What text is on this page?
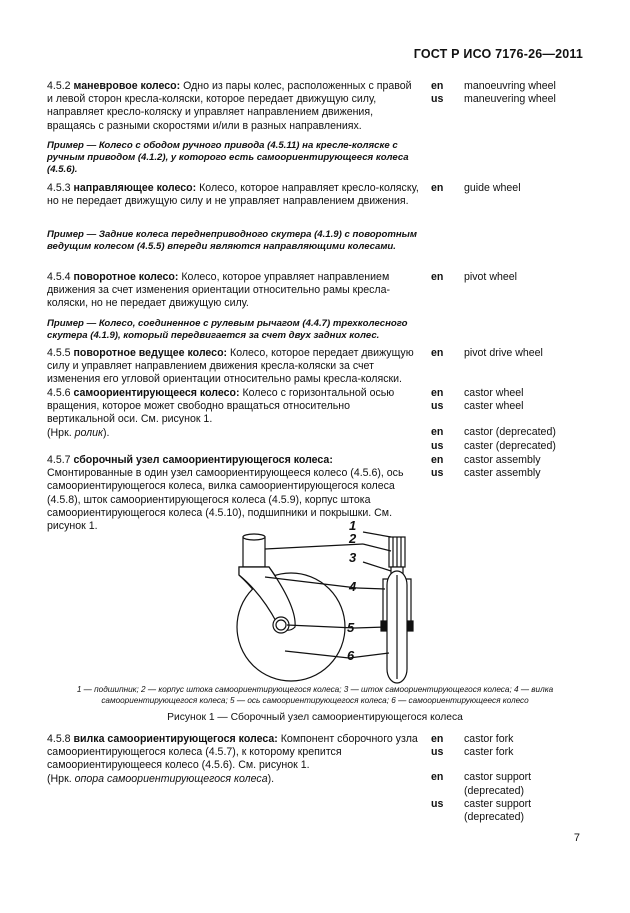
ГОСТ Р ИСО 7176-26—2011
4.5.2 маневровое колесо: Одно из пары колес, расположенных с правой и левой сторон кресла-коляски, которое передает движущую силу, направляет кресло-коляску и управляет направлением движения, вращаясь с разными скоростями и/или в разных направлениях.
Пример — Колесо с ободом ручного привода (4.5.11) на кресле-коляске с ручным приводом (4.1.2), у которого есть самоориентирующееся колеса (4.5.6).
en manoeuvring wheel
us maneuvering wheel
4.5.3 направляющее колесо: Колесо, которое направляет кресло-коляску, но не передает движущую силу и не управляет направлением движения.
Пример — Задние колеса переднеприводного скутера (4.1.9) с поворотным ведущим колесом (4.5.5) впереди являются направляющими колесами.
en guide wheel
4.5.4 поворотное колесо: Колесо, которое управляет направлением движения за счет изменения ориентации относительно рамы кресла-коляски, но не передает движущую силу.
Пример — Колесо, соединенное с рулевым рычагом (4.4.7) трехколесного скутера (4.1.9), который передвигается за счет двух задних колес.
en pivot wheel
4.5.5 поворотное ведущее колесо: Колесо, которое передает движущую силу и управляет направлением движения кресла-коляски за счет изменения его угловой ориентации относительно рамы кресла-коляски.
en pivot drive wheel
4.5.6 самоориентирующееся колесо: Колесо с горизонтальной осью вращения, которое может свободно вращаться относительно вертикальной оси. См. рисунок 1.
(Нрк. ролик).
en castor wheel
us caster wheel
en castor (deprecated)
us caster (deprecated)
4.5.7 сборочный узел самоориентирующегося колеса: Смонтированные в один узел самоориентирующееся колесо (4.5.6), ось самоориентирующегося колеса, вилка самоориентирующегося колеса (4.5.8), шток самоориентирующегося колеса (4.5.9), корпус штока самоориентирующегося колеса (4.5.10), подшипники и покрышки. См. рисунок 1.
en castor assembly
us caster assembly
1
2
3
4
5
6
1 — подшипник; 2 — корпус штока самоориентирующегося колеса; 3 — шток самоориентирующегося колеса; 4 — вилка самоориентирующегося колеса; 5 — ось самоориентирующегося колеса; 6 — самоориентирующееся колесо
Рисунок 1 — Сборочный узел самоориентирующегося колеса
4.5.8 вилка самоориентирующегося колеса: Компонент сборочного узла самоориентирующегося колеса (4.5.7), к которому крепится самоориентирующееся колесо (4.5.6). См. рисунок 1.
(Нрк. опора самоориентирующегося колеса).
en castor fork
us caster fork
en castor support (deprecated)
us caster support (deprecated)
7
